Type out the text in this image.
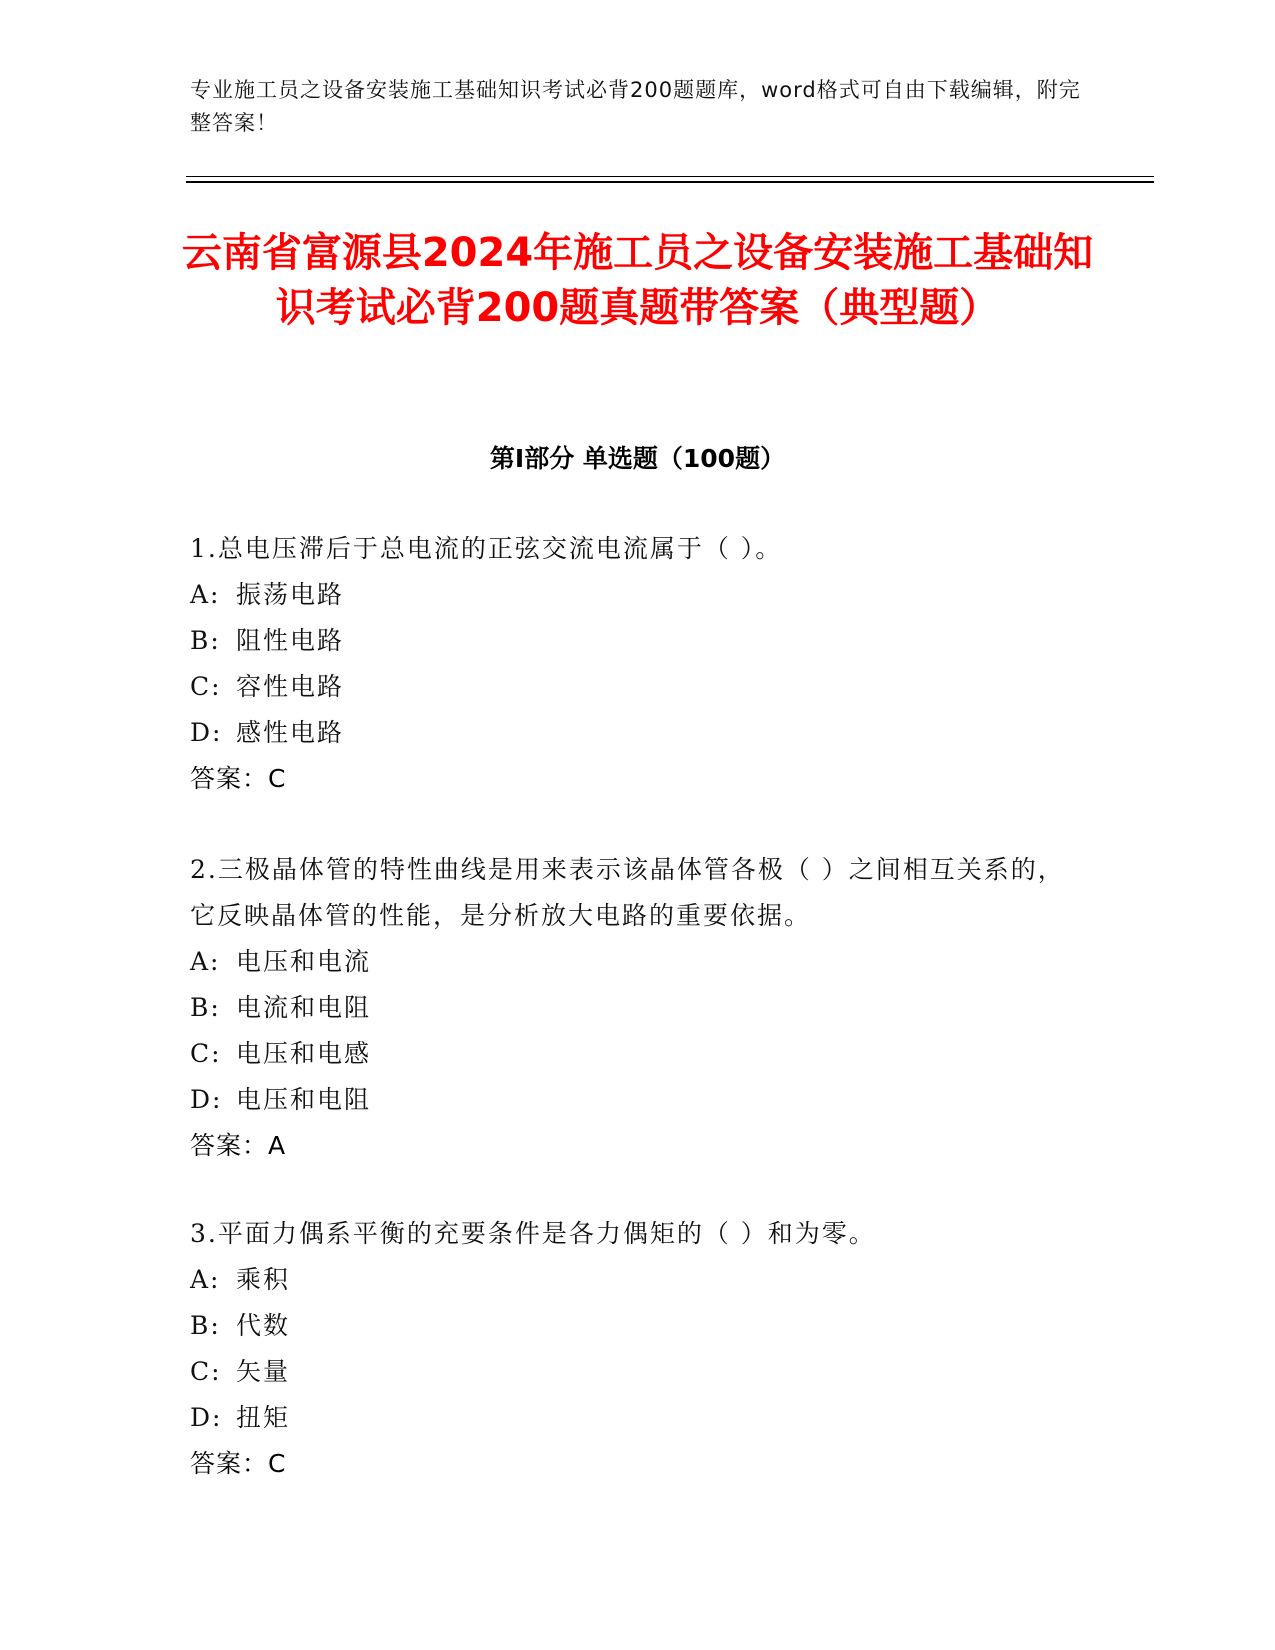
专业施工员之设备安装施工基础知识考试必背200题题库，word格式可自由下载编辑，附完整答案！
云南省富源县2024年施工员之设备安装施工基础知识考试必背200题真题带答案（典型题）
第I部分 单选题（100题）

1.总电压滞后于总电流的正弦交流电流属于（ ）。

A: 振荡电路

B: 阻性电路

C: 容性电路

D: 感性电路

答案：C

2.三极晶体管的特性曲线是用来表示该晶体管各极（ ）之间相互关系的，它反映晶体管的性能，是分析放大电路的重要依据。

A: 电压和电流

B: 电流和电阻

C: 电压和电感

D: 电压和电阻

答案：A

3.平面力偶系平衡的充要条件是各力偶矩的（ ）和为零。

A: 乘积

B: 代数

C: 矢量

D: 扭矩

答案：C
